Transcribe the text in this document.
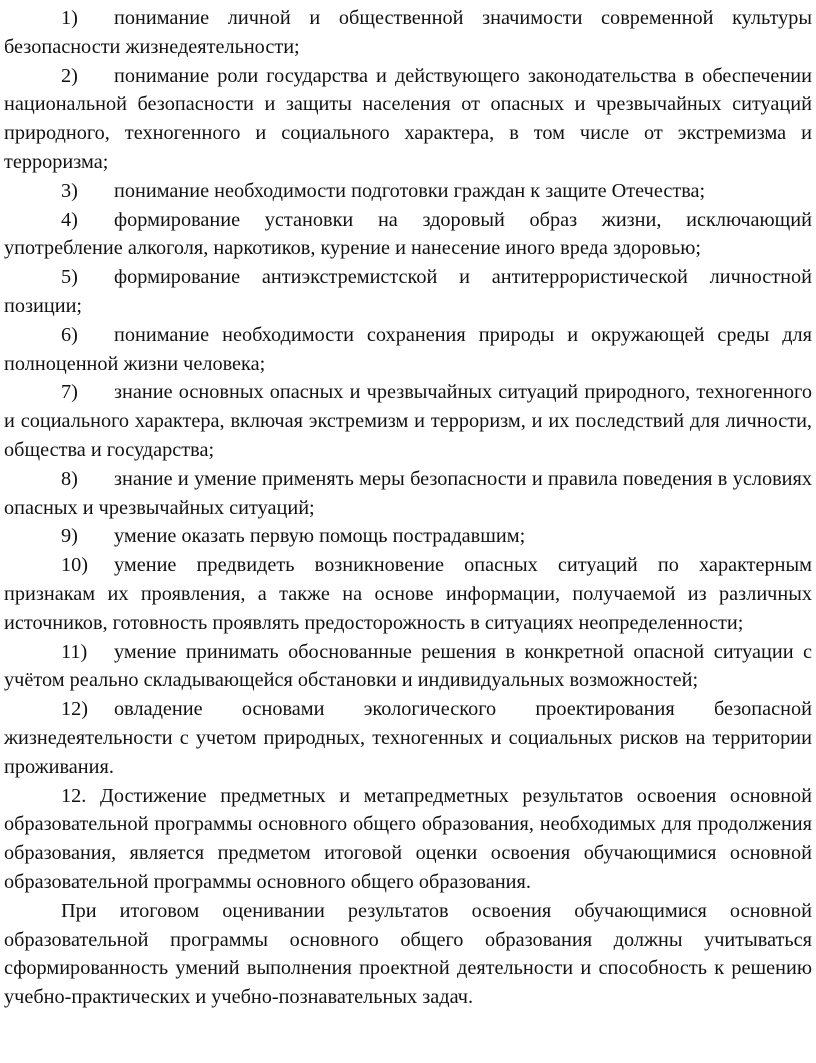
1) понимание личной и общественной значимости современной культуры безопасности жизнедеятельности;

2) понимание роли государства и действующего законодательства в обеспечении национальной безопасности и защиты населения от опасных и чрезвычайных ситуаций природного, техногенного и социального характера, в том числе от экстремизма и терроризма;

3) понимание необходимости подготовки граждан к защите Отечества;

4) формирование установки на здоровый образ жизни, исключающий употребление алкоголя, наркотиков, курение и нанесение иного вреда здоровью;

5) формирование антиэкстремистской и антитеррористической личностной позиции;

6) понимание необходимости сохранения природы и окружающей среды для полноценной жизни человека;

7) знание основных опасных и чрезвычайных ситуаций природного, техногенного и социального характера, включая экстремизм и терроризм, и их последствий для личности, общества и государства;

8) знание и умение применять меры безопасности и правила поведения в условиях опасных и чрезвычайных ситуаций;

9) умение оказать первую помощь пострадавшим;

10) умение предвидеть возникновение опасных ситуаций по характерным признакам их проявления, а также на основе информации, получаемой из различных источников, готовность проявлять предосторожность в ситуациях неопределенности;

11) умение принимать обоснованные решения в конкретной опасной ситуации с учётом реально складывающейся обстановки и индивидуальных возможностей;

12) овладение основами экологического проектирования безопасной жизнедеятельности с учетом природных, техногенных и социальных рисков на территории проживания.

12. Достижение предметных и метапредметных результатов освоения основной образовательной программы основного общего образования, необходимых для продолжения образования, является предметом итоговой оценки освоения обучающимися основной образовательной программы основного общего образования.

При итоговом оценивании результатов освоения обучающимися основной образовательной программы основного общего образования должны учитываться сформированность умений выполнения проектной деятельности и способность к решению учебно-практических и учебно-познавательных задач.
